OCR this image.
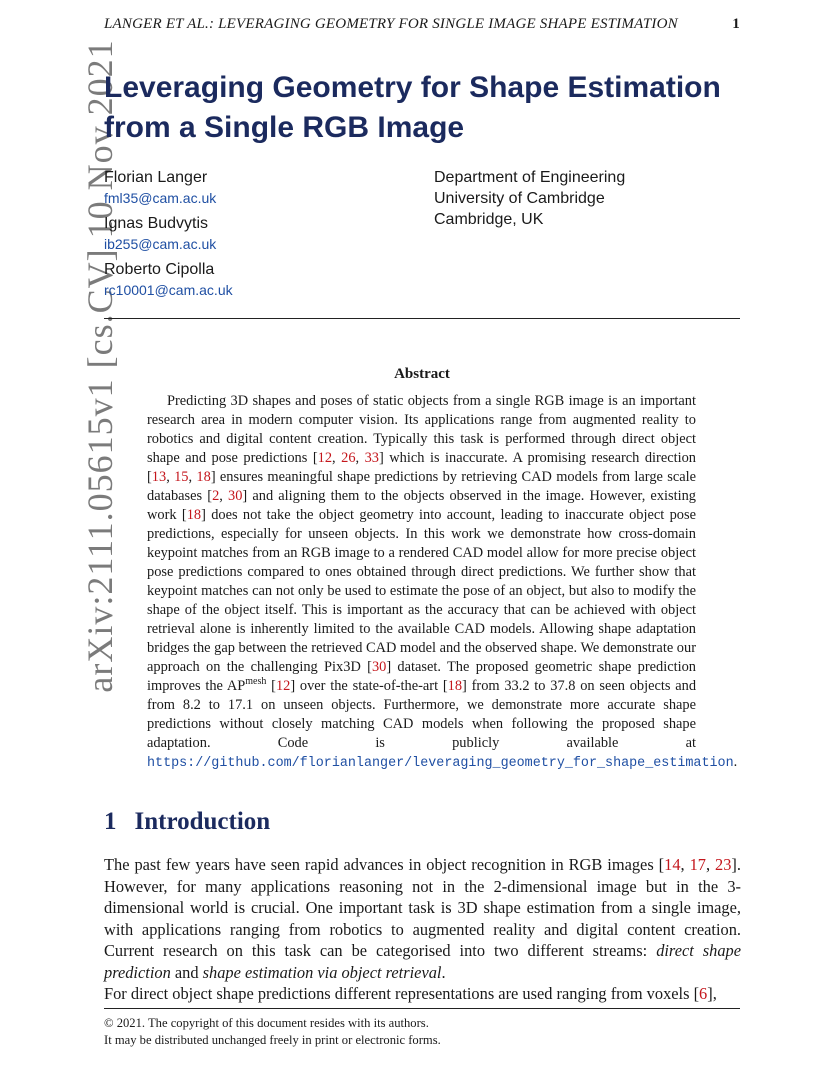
arXiv:2111.05615v1 [cs.CV] 10 Nov 2021
LANGER ET AL.: LEVERAGING GEOMETRY FOR SINGLE IMAGE SHAPE ESTIMATION	1
Leveraging Geometry for Shape Estimation
from a Single RGB Image
Florian Langer
fml35@cam.ac.uk
Ignas Budvytis
ib255@cam.ac.uk
Roberto Cipolla
rc10001@cam.ac.uk
Department of Engineering
University of Cambridge
Cambridge, UK
Abstract
Predicting 3D shapes and poses of static objects from a single RGB image is an important research area in modern computer vision. Its applications range from augmented reality to robotics and digital content creation. Typically this task is performed through direct object shape and pose predictions [12, 26, 33] which is inaccurate. A promising research direction [13, 15, 18] ensures meaningful shape predictions by retrieving CAD models from large scale databases [2, 30] and aligning them to the objects observed in the image. However, existing work [18] does not take the object geometry into account, leading to inaccurate object pose predictions, especially for unseen objects. In this work we demonstrate how cross-domain keypoint matches from an RGB image to a rendered CAD model allow for more precise object pose predictions compared to ones obtained through direct predictions. We further show that keypoint matches can not only be used to estimate the pose of an object, but also to modify the shape of the object itself. This is important as the accuracy that can be achieved with object retrieval alone is inherently limited to the available CAD models. Allowing shape adaptation bridges the gap between the retrieved CAD model and the observed shape. We demonstrate our approach on the challenging Pix3D [30] dataset. The proposed geometric shape prediction improves the $AP^{mesh}$ [12] over the state-of-the-art [18] from 33.2 to 37.8 on seen objects and from 8.2 to 17.1 on unseen objects. Furthermore, we demonstrate more accurate shape predictions without closely matching CAD models when following the proposed shape adaptation. Code is publicly available at https://github.com/florianlanger/leveraging_geometry_for_shape_estimation.
1 Introduction

The past few years have seen rapid advances in object recognition in RGB images [14, 17, 23]. However, for many applications reasoning not in the 2-dimensional image but in the 3-dimensional world is crucial. One important task is 3D shape estimation from a single image, with applications ranging from robotics to augmented reality and digital content creation. Current research on this task can be categorised into two different streams: direct shape prediction and shape estimation via object retrieval.

For direct object shape predictions different representations are used ranging from voxels [6],

© 2021. The copyright of this document resides with its authors.
It may be distributed unchanged freely in print or electronic forms.
